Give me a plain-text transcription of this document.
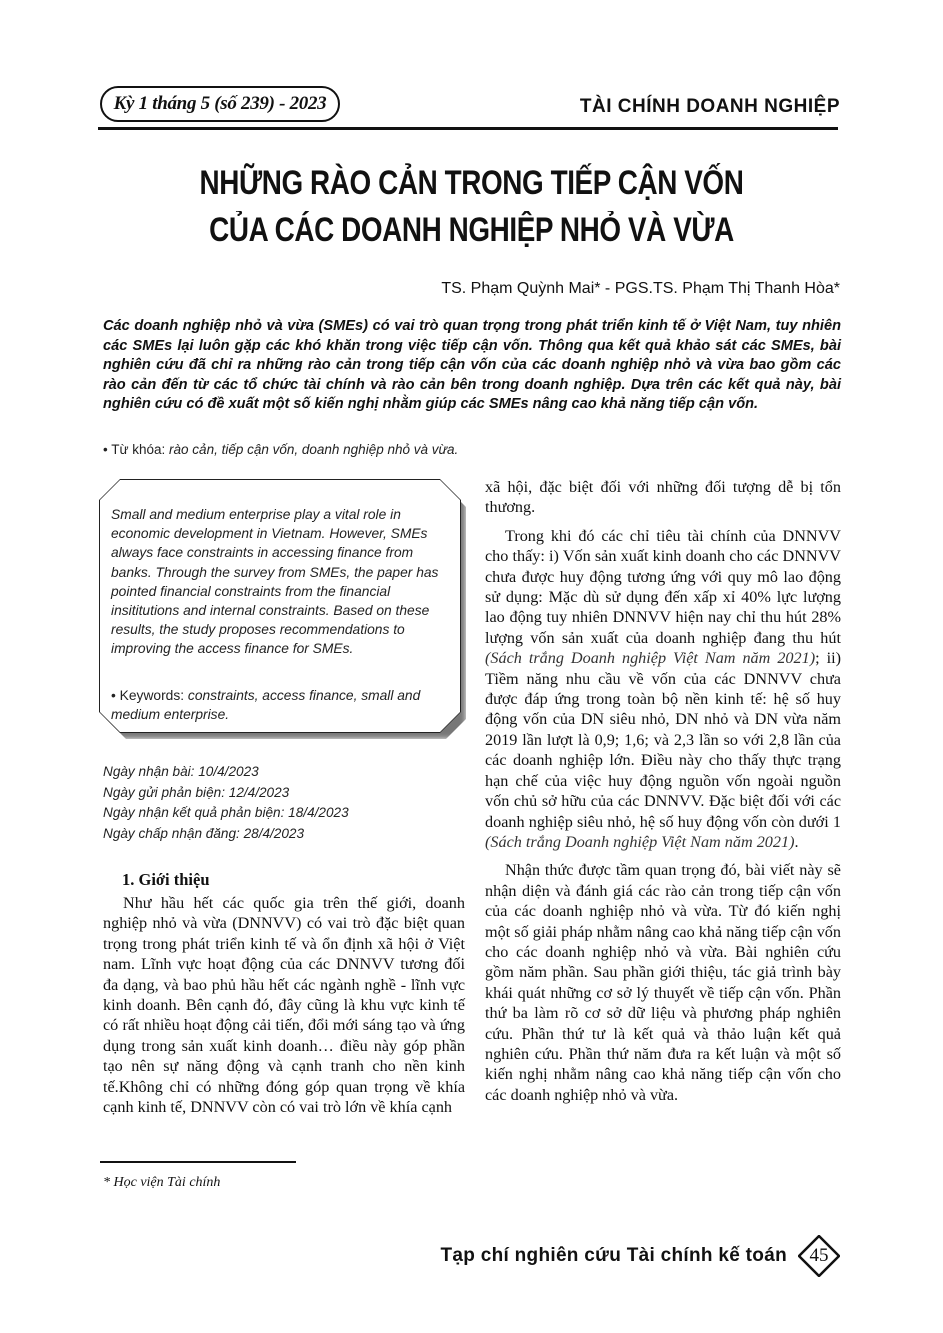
Kỳ 1 tháng 5 (số 239) - 2023	TÀI CHÍNH DOANH NGHIỆP
NHỮNG RÀO CẢN TRONG TIẾP CẬN VỐN
CỦA CÁC DOANH NGHIỆP NHỎ VÀ VỪA
TS. Phạm Quỳnh Mai* - PGS.TS. Phạm Thị Thanh Hòa*
Các doanh nghiệp nhỏ và vừa (SMEs) có vai trò quan trọng trong phát triển kinh tế ở Việt Nam, tuy nhiên các SMEs lại luôn gặp các khó khăn trong việc tiếp cận vốn. Thông qua kết quả khảo sát các SMEs, bài nghiên cứu đã chỉ ra những rào cản trong tiếp cận vốn của các doanh nghiệp nhỏ và vừa bao gồm các rào cản đến từ các tổ chức tài chính và rào cản bên trong doanh nghiệp. Dựa trên các kết quả này, bài nghiên cứu có đề xuất một số kiến nghị nhằm giúp các SMEs nâng cao khả năng tiếp cận vốn.
• Từ khóa: rào cản, tiếp cận vốn, doanh nghiệp nhỏ và vừa.
Small and medium enterprise play a vital role in economic development in Vietnam. However, SMEs always face constraints in accessing finance from banks. Through the survey from SMEs, the paper has pointed financial constraints from the financial insititutions and internal constraints. Based on these results, the study proposes recommendations to improving the access finance for SMEs.
• Keywords: constraints, access finance, small and medium enterprise.
Ngày nhận bài: 10/4/2023
Ngày gửi phản biện: 12/4/2023
Ngày nhận kết quả phản biện: 18/4/2023
Ngày chấp nhận đăng: 28/4/2023
1. Giới thiệu

Như hầu hết các quốc gia trên thế giới, doanh nghiệp nhỏ và vừa (DNNVV) có vai trò đặc biệt quan trọng trong phát triển kinh tế và ổn định xã hội ở Việt nam. Lĩnh vực hoạt động của các DNNVV tương đối đa dạng, và bao phủ hầu hết các ngành nghề - lĩnh vực kinh doanh. Bên cạnh đó, đây cũng là khu vực kinh tế có rất nhiều hoạt động cải tiến, đổi mới sáng tạo và ứng dụng trong sản xuất kinh doanh… điều này góp phần tạo nên sự năng động và cạnh tranh cho nền kinh tế.Không chỉ có những đóng góp quan trọng về khía cạnh kinh tế, DNNVV còn có vai trò lớn về khía cạnh

xã hội, đặc biệt đối với những đối tượng dễ bị tổn thương.

Trong khi đó các chỉ tiêu tài chính của DNNVV cho thấy: i) Vốn sản xuất kinh doanh cho các DNNVV chưa được huy động tương ứng với quy mô lao động sử dụng: Mặc dù sử dụng đến xấp xỉ 40% lực lượng lao động tuy nhiên DNNVV hiện nay chỉ thu hút 28% lượng vốn sản xuất của doanh nghiệp đang thu hút (Sách trắng Doanh nghiệp Việt Nam năm 2021); ii) Tiềm năng nhu cầu về vốn của các DNNVV chưa được đáp ứng trong toàn bộ nền kinh tế: hệ số huy động vốn của DN siêu nhỏ, DN nhỏ và DN vừa năm 2019 lần lượt là 0,9; 1,6; và 2,3 lần so với 2,8 lần của các doanh nghiệp lớn. Điều này cho thấy thực trạng hạn chế của việc huy động nguồn vốn ngoài nguồn vốn chủ sở hữu của các DNNVV. Đặc biệt đối với các doanh nghiệp siêu nhỏ, hệ số huy động vốn còn dưới 1 (Sách trắng Doanh nghiệp Việt Nam năm 2021).

Nhận thức được tầm quan trọng đó, bài viết này sẽ nhận diện và đánh giá các rào cản trong tiếp cận vốn của các doanh nghiệp nhỏ và vừa. Từ đó kiến nghị một số giải pháp nhằm nâng cao khả năng tiếp cận vốn cho các doanh nghiệp nhỏ và vừa. Bài nghiên cứu gồm năm phần. Sau phần giới thiệu, tác giả trình bày khái quát những cơ sở lý thuyết về tiếp cận vốn. Phần thứ ba làm rõ cơ sở dữ liệu và phương pháp nghiên cứu. Phần thứ tư là kết quả và thảo luận kết quả nghiên cứu. Phần thứ năm đưa ra kết luận và một số kiến nghị nhằm nâng cao khả năng tiếp cận vốn cho các doanh nghiệp nhỏ và vừa.

* Học viện Tài chính
Tạp chí nghiên cứu Tài chính kế toán	45
